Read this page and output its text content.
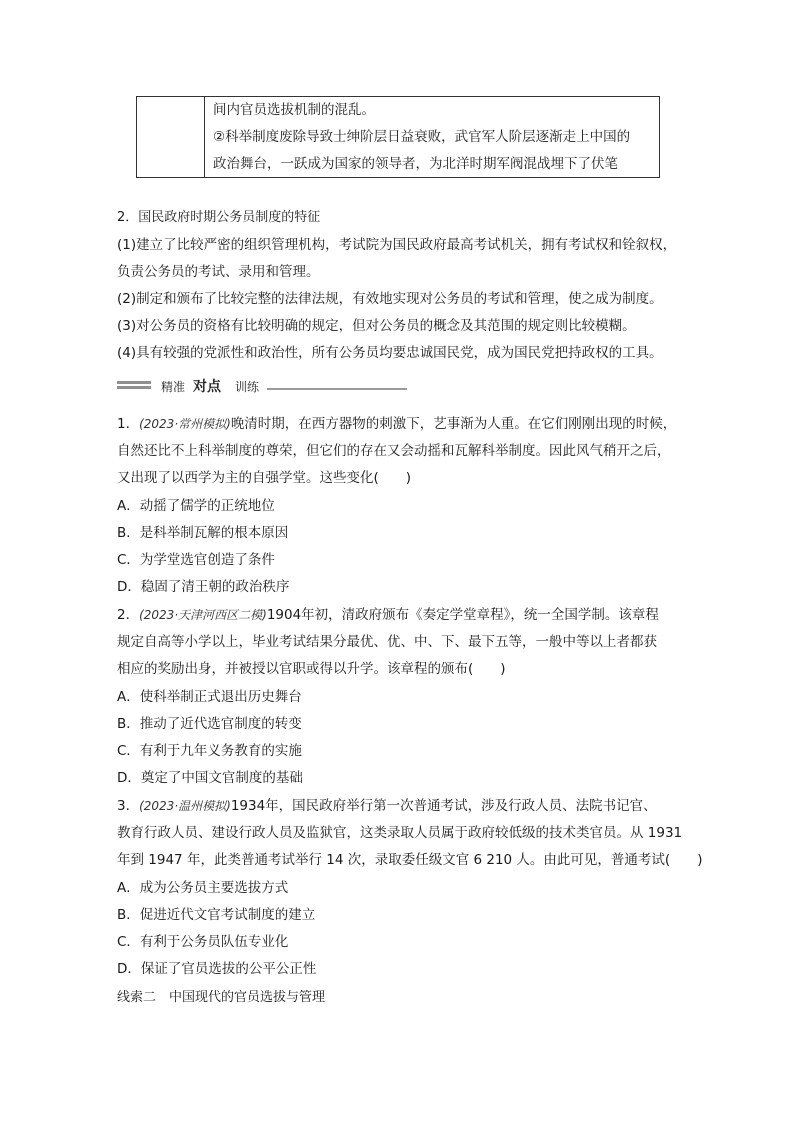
间内官员选拔机制的混乱。
②科举制度废除导致士绅阶层日益衰败，武官军人阶层逐渐走上中国的
政治舞台，一跃成为国家的领导者，为北洋时期军阀混战埋下了伏笔
2．国民政府时期公务员制度的特征
(1)建立了比较严密的组织管理机构，考试院为国民政府最高考试机关，拥有考试权和铨叙权，
负责公务员的考试、录用和管理。
(2)制定和颁布了比较完整的法律法规，有效地实现对公务员的考试和管理，使之成为制度。
(3)对公务员的资格有比较明确的规定，但对公务员的概念及其范围的规定则比较模糊。
(4)具有较强的党派性和政治性，所有公务员均要忠诚国民党，成为国民党把持政权的工具。
精准 对点 训练
1．(2023·常州模拟)晚清时期，在西方器物的刺激下，艺事渐为人重。在它们刚刚出现的时候，
自然还比不上科举制度的尊荣，但它们的存在又会动摇和瓦解科举制度。因此风气稍开之后，
又出现了以西学为主的自强学堂。这些变化(　　)
A．动摇了儒学的正统地位
B．是科举制瓦解的根本原因
C．为学堂选官创造了条件
D．稳固了清王朝的政治秩序
2．(2023·天津河西区二模)1904年初，清政府颁布《奏定学堂章程》，统一全国学制。该章程
规定自高等小学以上，毕业考试结果分最优、优、中、下、最下五等，一般中等以上者都获
相应的奖励出身，并被授以官职或得以升学。该章程的颁布(　　)
A．使科举制正式退出历史舞台
B．推动了近代选官制度的转变
C．有利于九年义务教育的实施
D．奠定了中国文官制度的基础
3．(2023·温州模拟)1934年，国民政府举行第一次普通考试，涉及行政人员、法院书记官、
教育行政人员、建设行政人员及监狱官，这类录取人员属于政府较低级的技术类官员。从 1931
年到 1947 年，此类普通考试举行 14 次，录取委任级文官 6 210 人。由此可见，普通考试(　　)
A．成为公务员主要选拔方式
B．促进近代文官考试制度的建立
C．有利于公务员队伍专业化
D．保证了官员选拔的公平公正性
线索二　中国现代的官员选拔与管理
